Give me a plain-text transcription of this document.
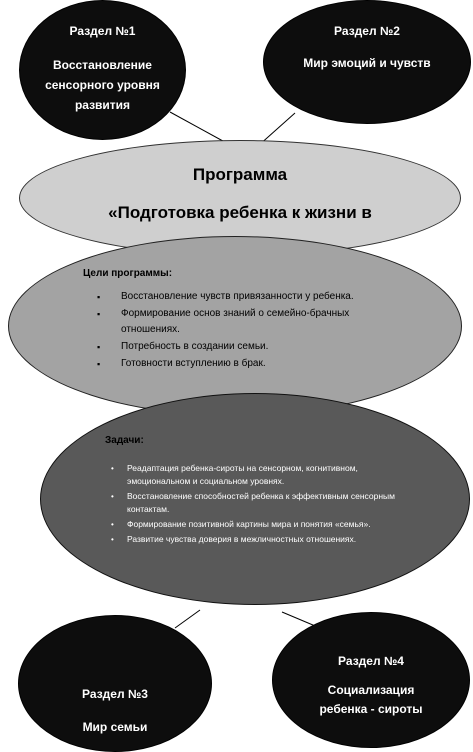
Раздел №1
Восстановление
сенсорного уровня
развития
Раздел №2
Мир эмоций и чувств
Программа
«Подготовка ребенка к жизни в
Цели программы:
▪ Восстановление чувств привязанности у ребенка.
▪ Формирование основ знаний о семейно-брачных отношениях.
▪ Потребность в создании семьи.
▪ Готовности вступлению в брак.
Задачи:
• Реадаптация ребенка-сироты на сенсорном, когнитивном, эмоциональном и социальном уровнях.
• Восстановление способностей ребенка к эффективным сенсорным контактам.
• Формирование позитивной картины мира и понятия «семья».
• Развитие чувства доверия в межличностных отношениях.
Раздел №3
Мир семьи
Раздел №4
Социализация
ребенка - сироты
